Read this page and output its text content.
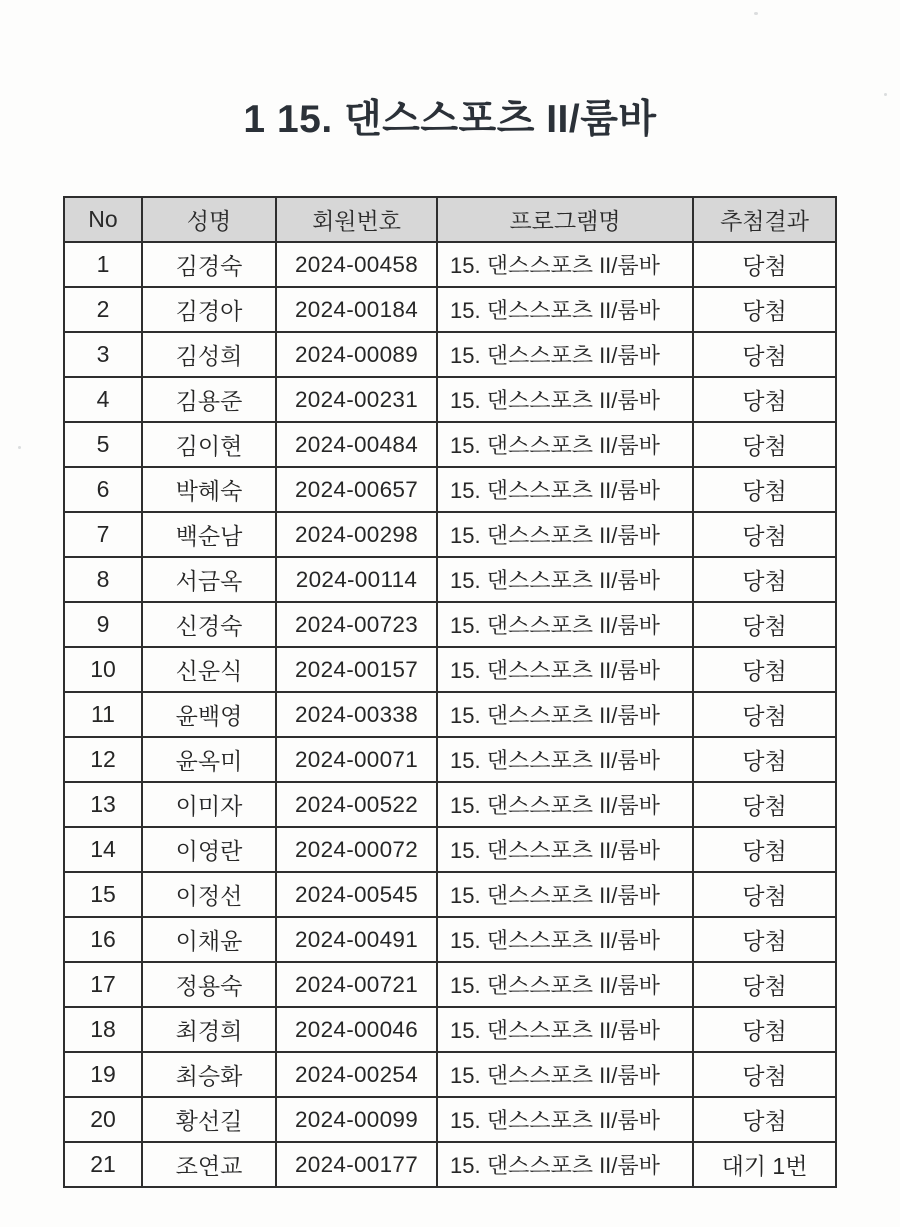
1 15. 댄스스포츠 II/룸바
No	성명	회원번호	프로그램명	추첨결과
1	김경숙	2024-00458	15. 댄스스포츠 II/룸바	당첨
2	김경아	2024-00184	15. 댄스스포츠 II/룸바	당첨
3	김성희	2024-00089	15. 댄스스포츠 II/룸바	당첨
4	김용준	2024-00231	15. 댄스스포츠 II/룸바	당첨
5	김이현	2024-00484	15. 댄스스포츠 II/룸바	당첨
6	박혜숙	2024-00657	15. 댄스스포츠 II/룸바	당첨
7	백순남	2024-00298	15. 댄스스포츠 II/룸바	당첨
8	서금옥	2024-00114	15. 댄스스포츠 II/룸바	당첨
9	신경숙	2024-00723	15. 댄스스포츠 II/룸바	당첨
10	신운식	2024-00157	15. 댄스스포츠 II/룸바	당첨
11	윤백영	2024-00338	15. 댄스스포츠 II/룸바	당첨
12	윤옥미	2024-00071	15. 댄스스포츠 II/룸바	당첨
13	이미자	2024-00522	15. 댄스스포츠 II/룸바	당첨
14	이영란	2024-00072	15. 댄스스포츠 II/룸바	당첨
15	이정선	2024-00545	15. 댄스스포츠 II/룸바	당첨
16	이채윤	2024-00491	15. 댄스스포츠 II/룸바	당첨
17	정용숙	2024-00721	15. 댄스스포츠 II/룸바	당첨
18	최경희	2024-00046	15. 댄스스포츠 II/룸바	당첨
19	최승화	2024-00254	15. 댄스스포츠 II/룸바	당첨
20	황선길	2024-00099	15. 댄스스포츠 II/룸바	당첨
21	조연교	2024-00177	15. 댄스스포츠 II/룸바	대기 1번
